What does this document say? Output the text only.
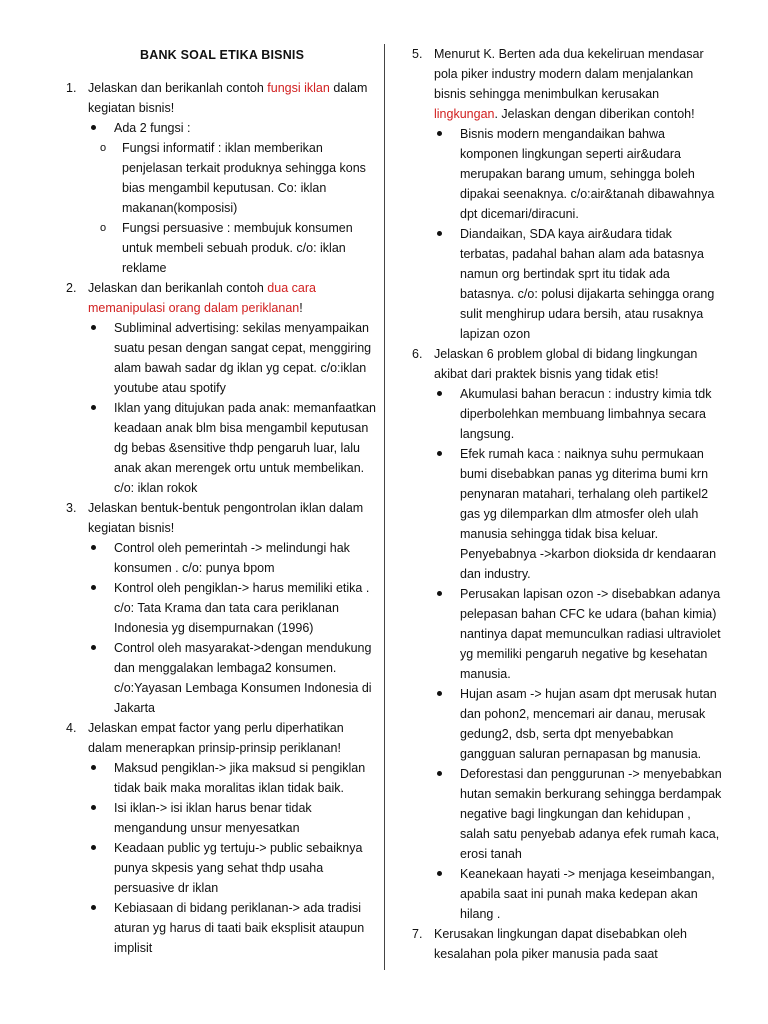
BANK SOAL ETIKA BISNIS
1. Jelaskan dan berikanlah contoh fungsi iklan dalam kegiatan bisnis!
Ada 2 fungsi :
o Fungsi informatif : iklan memberikan penjelasan terkait produknya sehingga kons bias mengambil keputusan. Co: iklan makanan(komposisi)
o Fungsi persuasive : membujuk konsumen untuk membeli sebuah produk. c/o: iklan reklame
2. Jelaskan dan berikanlah contoh dua cara memanipulasi orang dalam periklanan!
Subliminal advertising: sekilas menyampaikan suatu pesan dengan sangat cepat, menggiring alam bawah sadar dg iklan yg cepat. c/o:iklan youtube atau spotify
Iklan yang ditujukan pada anak: memanfaatkan keadaan anak blm bisa mengambil keputusan dg bebas &sensitive thdp pengaruh luar, lalu anak akan merengek ortu untuk membelikan. c/o: iklan rokok
3. Jelaskan bentuk-bentuk pengontrolan iklan dalam kegiatan bisnis!
Control oleh pemerintah -> melindungi hak konsumen . c/o: punya bpom
Kontrol oleh pengiklan-> harus memiliki etika . c/o: Tata Krama dan tata cara periklanan Indonesia yg disempurnakan (1996)
Control oleh masyarakat->dengan mendukung dan menggalakan lembaga2 konsumen. c/o:Yayasan Lembaga Konsumen Indonesia di Jakarta
4. Jelaskan empat factor yang perlu diperhatikan dalam menerapkan prinsip-prinsip periklanan!
Maksud pengiklan-> jika maksud si pengiklan tidak baik maka moralitas iklan tidak baik.
Isi iklan-> isi iklan harus benar tidak mengandung unsur menyesatkan
Keadaan public yg tertuju-> public sebaiknya punya skpesis yang sehat thdp usaha persuasive dr iklan
Kebiasaan di bidang periklanan-> ada tradisi aturan yg harus di taati baik eksplisit ataupun implisit
5. Menurut K. Berten ada dua kekeliruan mendasar pola piker industry modern dalam menjalankan bisnis sehingga menimbulkan kerusakan lingkungan. Jelaskan dengan diberikan contoh!
Bisnis modern mengandaikan bahwa komponen lingkungan seperti air&udara merupakan barang umum, sehingga boleh dipakai seenaknya. c/o:air&tanah dibawahnya dpt dicemari/diracuni.
Diandaikan, SDA kaya air&udara tidak terbatas, padahal bahan alam ada batasnya namun org bertindak sprt itu tidak ada batasnya. c/o: polusi dijakarta sehingga orang sulit menghirup udara bersih, atau rusaknya lapizan ozon
6. Jelaskan 6 problem global di bidang lingkungan akibat dari praktek bisnis yang tidak etis!
Akumulasi bahan beracun : industry kimia tdk diperbolehkan membuang limbahnya secara langsung.
Efek rumah kaca : naiknya suhu permukaan bumi disebabkan panas yg diterima bumi krn penynaran matahari, terhalang oleh partikel2 gas yg dilemparkan dlm atmosfer oleh ulah manusia sehingga tidak bisa keluar. Penyebabnya ->karbon dioksida dr kendaaran dan industry.
Perusakan lapisan ozon -> disebabkan adanya pelepasan bahan CFC ke udara (bahan kimia) nantinya dapat memunculkan radiasi ultraviolet yg memiliki pengaruh negative bg kesehatan manusia.
Hujan asam -> hujan asam dpt merusak hutan dan pohon2, mencemari air danau, merusak gedung2, dsb, serta dpt menyebabkan gangguan saluran pernapasan bg manusia.
Deforestasi dan penggurunan -> menyebabkan hutan semakin berkurang sehingga berdampak negative bagi lingkungan dan kehidupan , salah satu penyebab adanya efek rumah kaca, erosi tanah
Keanekaan hayati -> menjaga keseimbangan, apabila saat ini punah maka kedepan akan hilang .
7. Kerusakan lingkungan dapat disebabkan oleh kesalahan pola piker manusia pada saat
